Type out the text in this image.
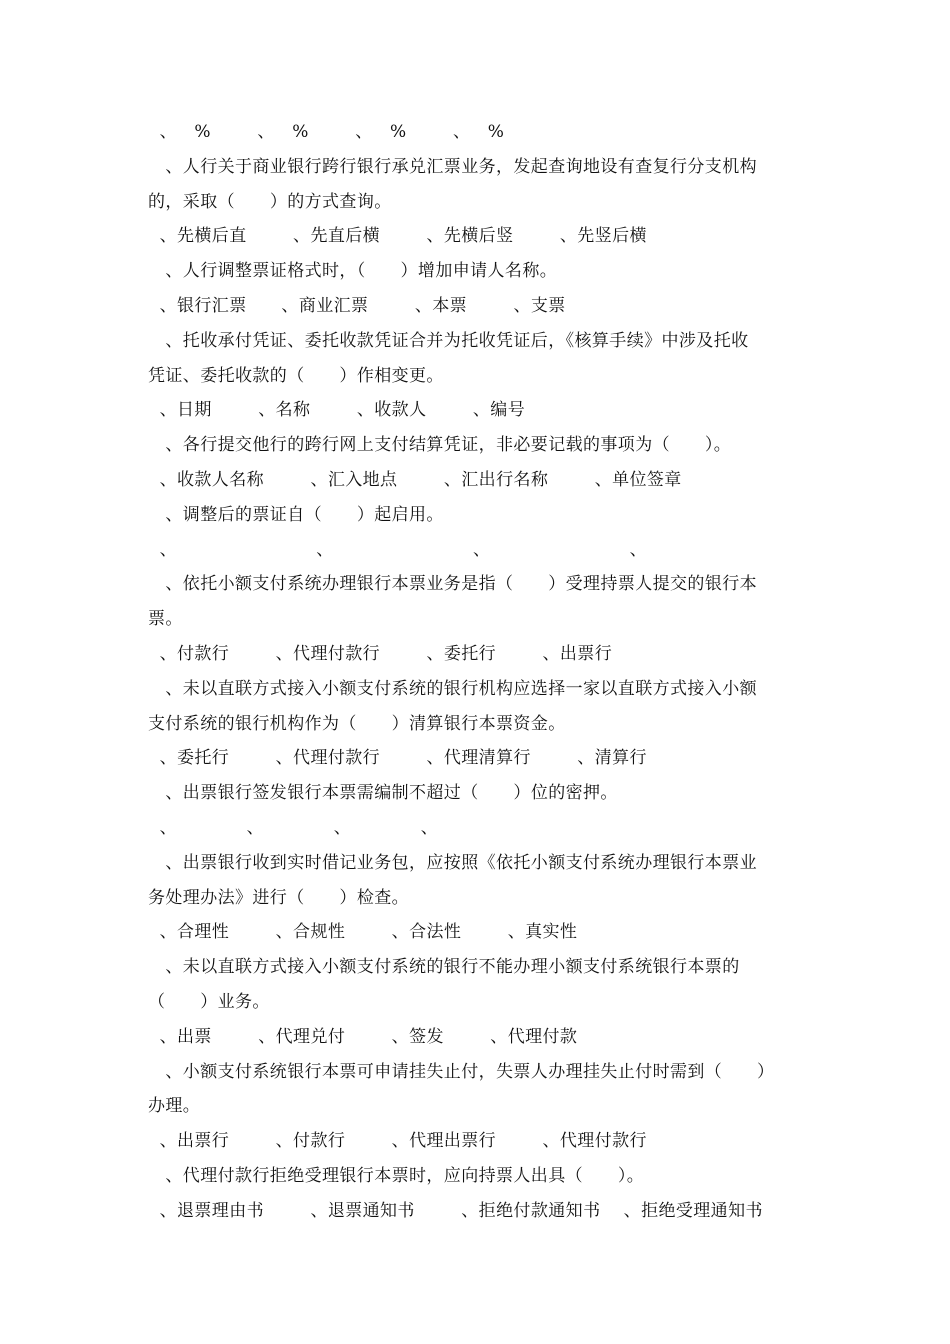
、   %        、   %        、   %        、   %
、人行关于商业银行跨行银行承兑汇票业务，发起查询地设有查复行分支机构
的，采取（      ）的方式查询。
、先横后直        、先直后横        、先横后竖        、先竖后横
、人行调整票证格式时，（      ）增加申请人名称。
、银行汇票      、商业汇票        、本票        、支票
、托收承付凭证、委托收款凭证合并为托收凭证后，《核算手续》中涉及托收
凭证、委托收款的（      ）作相变更。
、日期        、名称        、收款人        、编号
、各行提交他行的跨行网上支付结算凭证，非必要记载的事项为（      ）。
、收款人名称        、汇入地点        、汇出行名称        、单位签章
、调整后的票证自（      ）起启用。
、                        、                        、                        、
、依托小额支付系统办理银行本票业务是指（      ）受理持票人提交的银行本
票。
、付款行        、代理付款行        、委托行        、出票行
、未以直联方式接入小额支付系统的银行机构应选择一家以直联方式接入小额
支付系统的银行机构作为（      ）清算银行本票资金。
、委托行        、代理付款行        、代理清算行        、清算行
、出票银行签发银行本票需编制不超过（      ）位的密押。
、            、            、            、
、出票银行收到实时借记业务包，应按照《依托小额支付系统办理银行本票业
务处理办法》进行（      ）检查。
、合理性        、合规性        、合法性        、真实性
、未以直联方式接入小额支付系统的银行不能办理小额支付系统银行本票的
（      ）业务。
、出票        、代理兑付        、签发        、代理付款
、小额支付系统银行本票可申请挂失止付，失票人办理挂失止付时需到（      ）
办理。
、出票行        、付款行        、代理出票行        、代理付款行
、代理付款行拒绝受理银行本票时，应向持票人出具（      ）。
、退票理由书        、退票通知书        、拒绝付款通知书    、拒绝受理通知书
